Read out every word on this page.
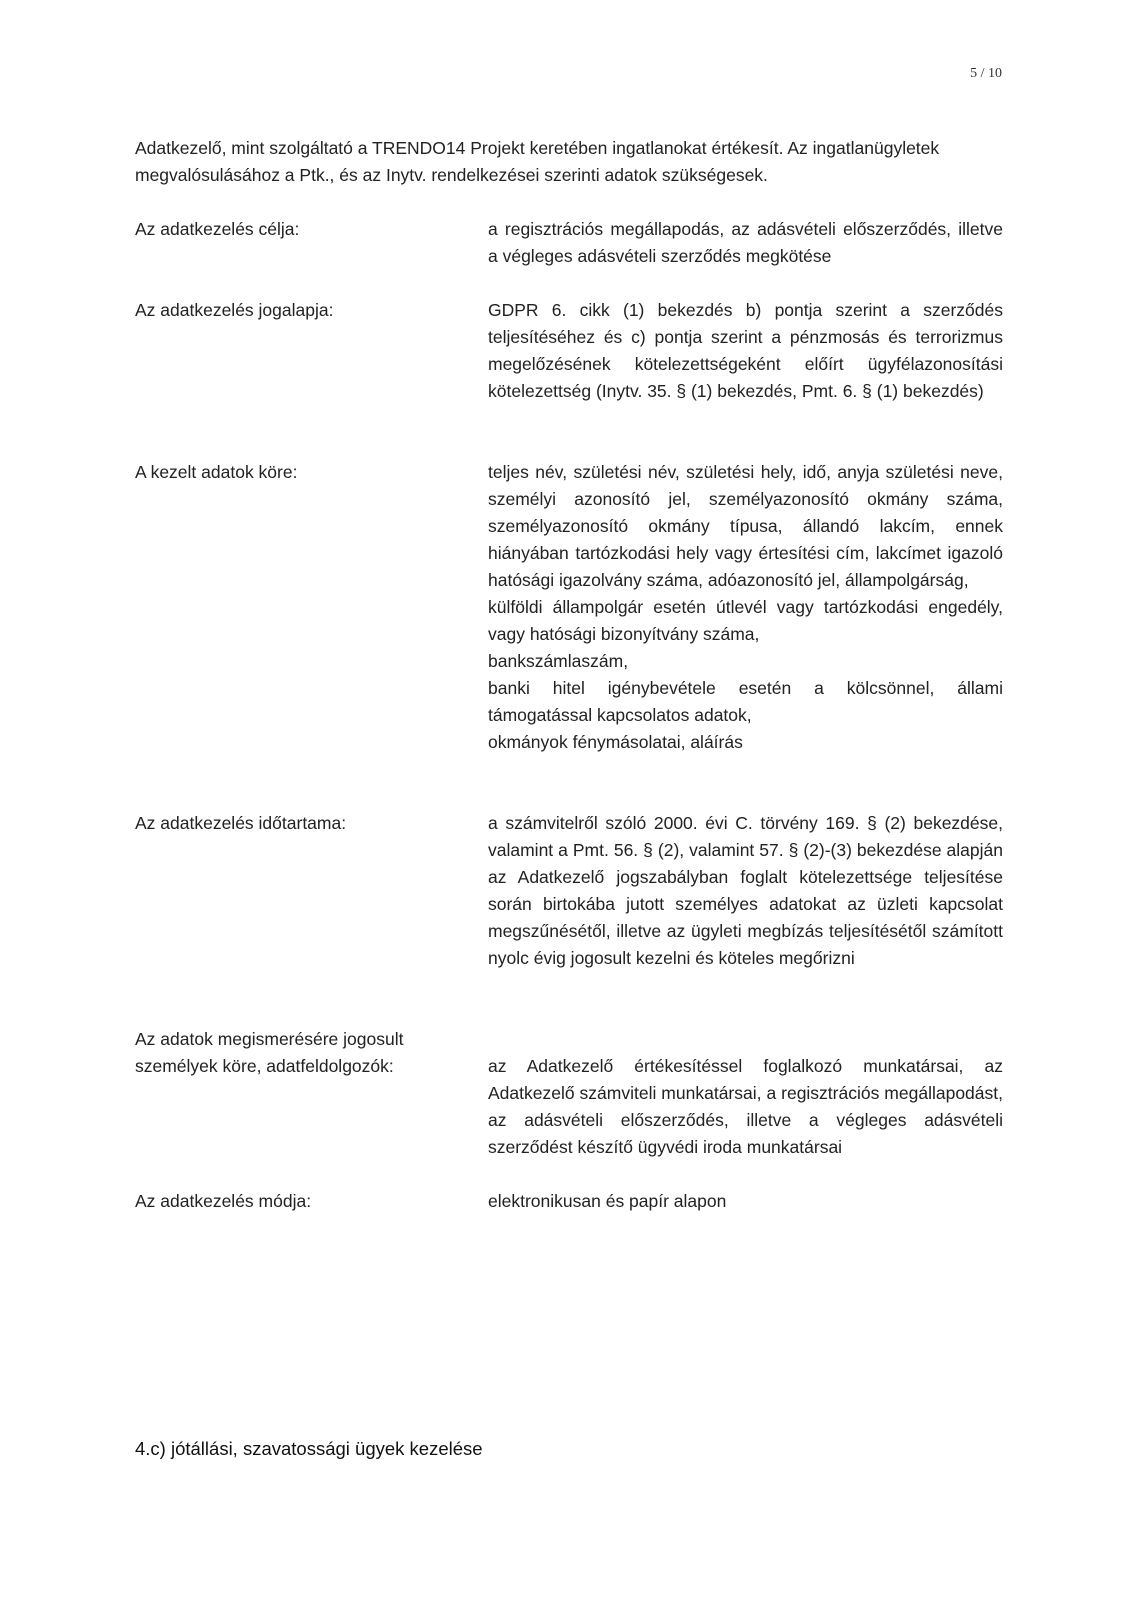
5 / 10

Adatkezelő, mint szolgáltató a TRENDO14 Projekt keretében ingatlanokat értékesít. Az ingatlanügyletek megvalósulásához a Ptk., és az Inytv. rendelkezései szerinti adatok szükségesek.

Az adatkezelés célja:	a regisztrációs megállapodás, az adásvételi előszerződés, illetve a végleges adásvételi szerződés megkötése

Az adatkezelés jogalapja:	GDPR 6. cikk (1) bekezdés b) pontja szerint a szerződés teljesítéséhez és c) pontja szerint a pénzmosás és terrorizmus megelőzésének kötelezettségeként előírt ügyfélazonosítási kötelezettség (Inytv. 35. § (1) bekezdés, Pmt. 6. § (1) bekezdés)

A kezelt adatok köre:	teljes név, születési név, születési hely, idő, anyja születési neve, személyi azonosító jel, személyazonosító okmány száma, személyazonosító okmány típusa, állandó lakcím, ennek hiányában tartózkodási hely vagy értesítési cím, lakcímet igazoló hatósági igazolvány száma, adóazonosító jel, állampolgárság,

külföldi állampolgár esetén útlevél vagy tartózkodási engedély, vagy hatósági bizonyítvány száma,

bankszámlaszám,

banki hitel igénybevétele esetén a kölcsönnel, állami támogatással kapcsolatos adatok,

okmányok fénymásolatai, aláírás

Az adatkezelés időtartama:	a számvitelről szóló 2000. évi C. törvény 169. § (2) bekezdése, valamint a Pmt. 56. § (2), valamint 57. § (2)-(3) bekezdése alapján az Adatkezelő jogszabályban foglalt kötelezettsége teljesítése során birtokába jutott személyes adatokat az üzleti kapcsolat megszűnésétől, illetve az ügyleti megbízás teljesítésétől számított nyolc évig jogosult kezelni és köteles megőrizni

Az adatok megismerésére jogosult személyek köre, adatfeldolgozók:	az Adatkezelő értékesítéssel foglalkozó munkatársai, az Adatkezelő számviteli munkatársai, a regisztrációs megállapodást, az adásvételi előszerződés, illetve a végleges adásvételi szerződést készítő ügyvédi iroda munkatársai

Az adatkezelés módja:	elektronikusan és papír alapon

4.c) jótállási, szavatossági ügyek kezelése
